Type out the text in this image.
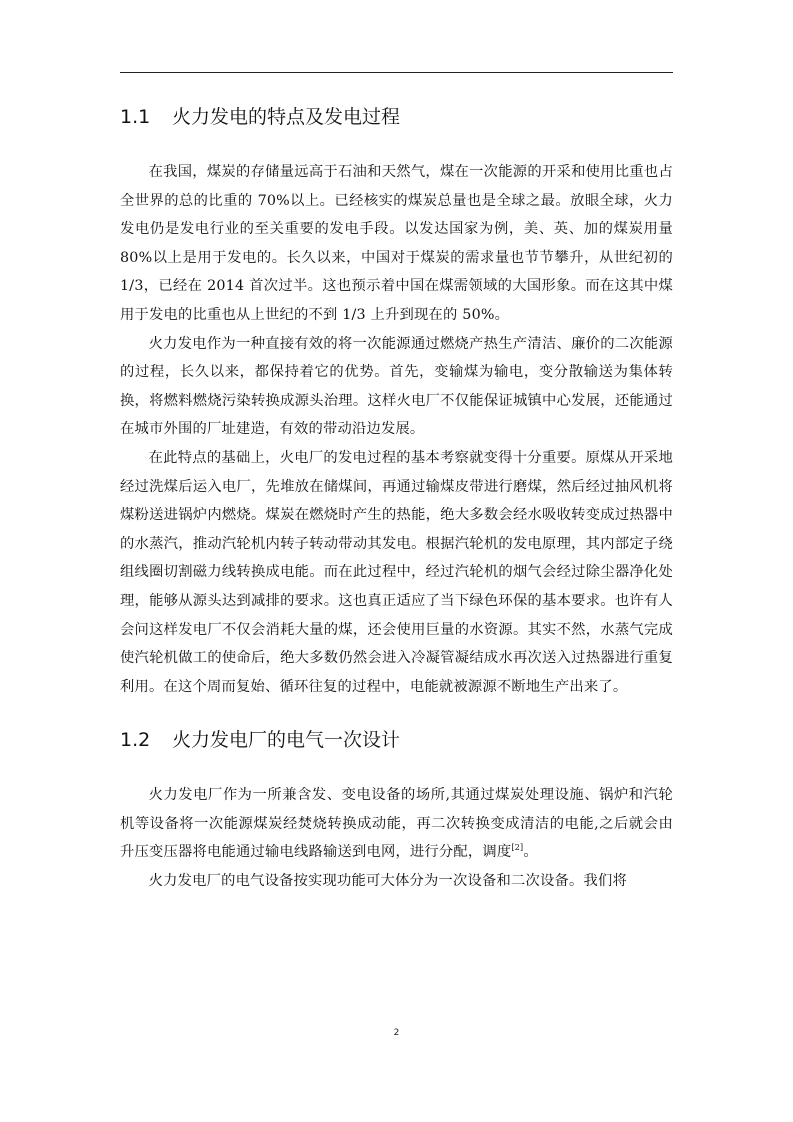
1.1 火力发电的特点及发电过程

在我国，煤炭的存储量远高于石油和天然气，煤在一次能源的开采和使用比重也占全世界的总的比重的 70%以上。已经核实的煤炭总量也是全球之最。放眼全球，火力发电仍是发电行业的至关重要的发电手段。以发达国家为例，美、英、加的煤炭用量 80%以上是用于发电的。长久以来，中国对于煤炭的需求量也节节攀升，从世纪初的 1/3，已经在 2014 首次过半。这也预示着中国在煤需领域的大国形象。而在这其中煤用于发电的比重也从上世纪的不到 1/3 上升到现在的 50%。

火力发电作为一种直接有效的将一次能源通过燃烧产热生产清洁、廉价的二次能源的过程，长久以来，都保持着它的优势。首先，变输煤为输电，变分散输送为集体转换，将燃料燃烧污染转换成源头治理。这样火电厂不仅能保证城镇中心发展，还能通过在城市外围的厂址建造，有效的带动沿边发展。

在此特点的基础上，火电厂的发电过程的基本考察就变得十分重要。原煤从开采地经过洗煤后运入电厂，先堆放在储煤间，再通过输煤皮带进行磨煤，然后经过抽风机将煤粉送进锅炉内燃烧。煤炭在燃烧时产生的热能，绝大多数会经水吸收转变成过热器中的水蒸汽，推动汽轮机内转子转动带动其发电。根据汽轮机的发电原理，其内部定子绕组线圈切割磁力线转换成电能。而在此过程中，经过汽轮机的烟气会经过除尘器净化处理，能够从源头达到减排的要求。这也真正适应了当下绿色环保的基本要求。也许有人会问这样发电厂不仅会消耗大量的煤，还会使用巨量的水资源。其实不然，水蒸气完成使汽轮机做工的使命后，绝大多数仍然会进入冷凝管凝结成水再次送入过热器进行重复利用。在这个周而复始、循环往复的过程中，电能就被源源不断地生产出来了。

1.2 火力发电厂的电气一次设计

火力发电厂作为一所兼含发、变电设备的场所,其通过煤炭处理设施、锅炉和汽轮机等设备将一次能源煤炭经焚烧转换成动能，再二次转换变成清洁的电能,之后就会由升压变压器将电能通过输电线路输送到电网，进行分配，调度[2]。

火力发电厂的电气设备按实现功能可大体分为一次设备和二次设备。我们将

2
